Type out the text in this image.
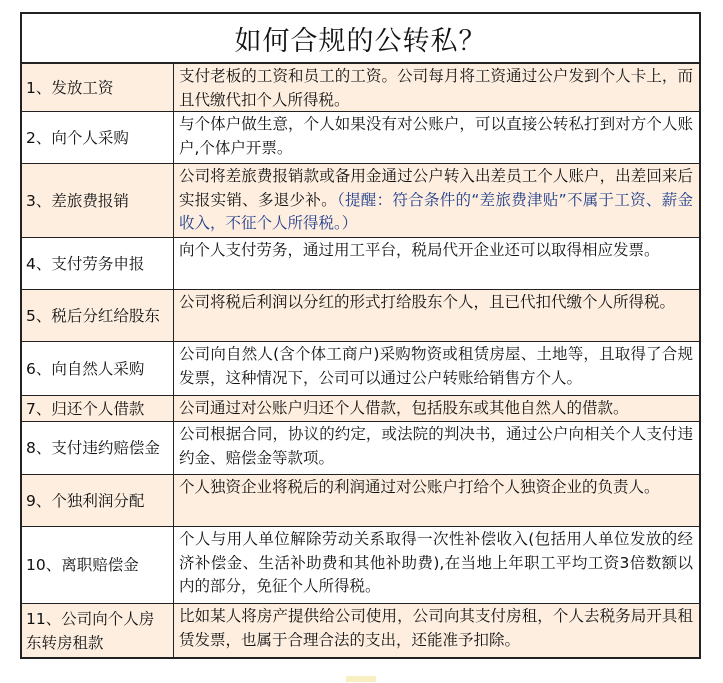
如何合规的公转私？
1、发放工资
支付老板的工资和员工的工资。公司每月将工资通过公户发到个人卡上，而且代缴代扣个人所得税。
2、向个人采购
与个体户做生意，个人如果没有对公账户，可以直接公转私打到对方个人账户,个体户开票。
3、差旅费报销
公司将差旅费报销款或备用金通过公户转入出差员工个人账户，出差回来后实报实销、多退少补。（提醒：符合条件的“差旅费津贴”不属于工资、薪金收入，不征个人所得税。）
4、支付劳务申报
向个人支付劳务，通过用工平台，税局代开企业还可以取得相应发票。
5、税后分红给股东
公司将税后利润以分红的形式打给股东个人，且已代扣代缴个人所得税。
6、向自然人采购
公司向自然人(含个体工商户)采购物资或租赁房屋、土地等，且取得了合规发票，这种情况下，公司可以通过公户转账给销售方个人。
7、归还个人借款	公司通过对公账户归还个人借款，包括股东或其他自然人的借款。
8、支付违约赔偿金
公司根据合同，协议的约定，或法院的判决书，通过公户向相关个人支付违约金、赔偿金等款项。
9、个独利润分配
个人独资企业将税后的利润通过对公账户打给个人独资企业的负责人。
10、离职赔偿金
个人与用人单位解除劳动关系取得一次性补偿收入(包括用人单位发放的经济补偿金、生活补助费和其他补助费),在当地上年职工平均工资3倍数额以内的部分，免征个人所得税。
11、公司向个人房东转房租款
比如某人将房产提供给公司使用，公司向其支付房租，个人去税务局开具租赁发票，也属于合理合法的支出，还能准予扣除。
